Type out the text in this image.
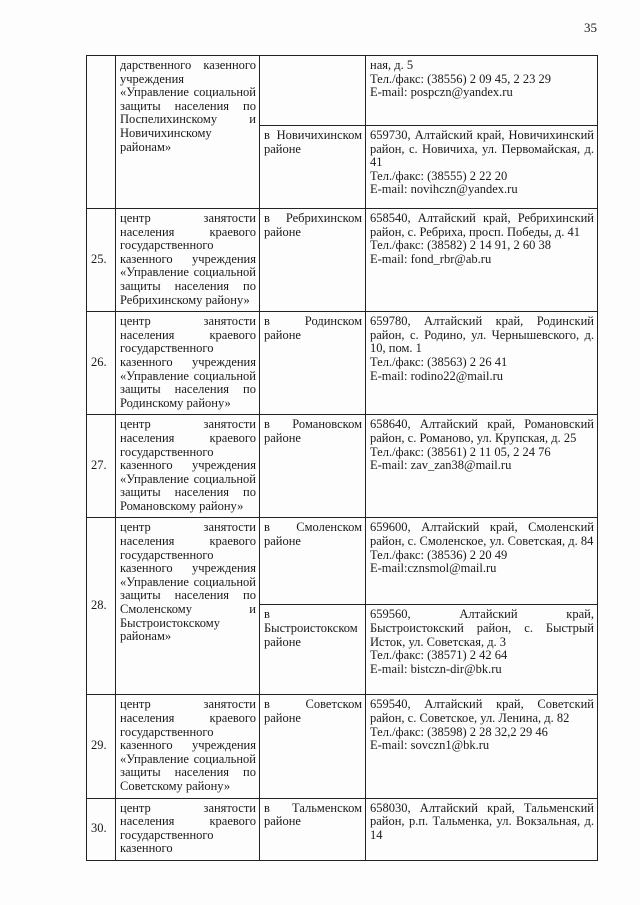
35
	дарственного казенного учреждения «Управление социальной защиты населения по Поспелихинскому и Новичихинскому районам»		ная, д. 5
Тел./факс: (38556) 2 09 45, 2 23 29
E-mail: pospczn@yandex.ru

		в Новичихинском районе	659730, Алтайский край, Новичихинский район, с. Новичиха, ул. Первомайская, д. 41
Тел./факс: (38555) 2 22 20
E-mail: novihczn@yandex.ru

25.	центр занятости населения краевого государственного казенного учреждения «Управление социальной защиты населения по Ребрихинскому району»	в Ребрихинском районе	658540, Алтайский край, Ребрихинский район, с. Ребриха, просп. Победы, д. 41
Тел./факс: (38582) 2 14 91, 2 60 38
E-mail: fond_rbr@ab.ru

26.	центр занятости населения краевого государственного казенного учреждения «Управление социальной защиты населения по Родинскому району»	в Родинском районе	659780, Алтайский край, Родинский район, с. Родино, ул. Чернышевского, д. 10, пом. 1
Тел./факс: (38563) 2 26 41
E-mail: rodino22@mail.ru

27.	центр занятости населения краевого государственного казенного учреждения «Управление социальной защиты населения по Романовскому району»	в Романовском районе	658640, Алтайский край, Романовский район, с. Романово, ул. Крупская, д. 25
Тел./факс: (38561) 2 11 05, 2 24 76
E-mail: zav_zan38@mail.ru

28.	центр занятости населения краевого государственного казенного учреждения «Управление социальной защиты населения по Смоленскому и Быстроистокскому районам»	в Смоленском районе	659600, Алтайский край, Смоленский район, с. Смоленское, ул. Советская, д. 84
Тел./факс: (38536) 2 20 49
E-mail:cznsmol@mail.ru

		в Быстроистокском районе	659560, Алтайский край, Быстроистокский район, с. Быстрый Исток, ул. Советская, д. 3
Тел./факс: (38571) 2 42 64
E-mail: bistczn-dir@bk.ru

29.	центр занятости населения краевого государственного казенного учреждения «Управление социальной защиты населения по Советскому району»	в Советском районе	659540, Алтайский край, Советский район, с. Советское, ул. Ленина, д. 82
Тел./факс: (38598) 2 28 32,2 29 46
E-mail: sovczn1@bk.ru

30.	центр занятости населения краевого государственного казенного	в Тальменском районе	658030, Алтайский край, Тальменский район, р.п. Тальменка, ул. Вокзальная, д. 14
